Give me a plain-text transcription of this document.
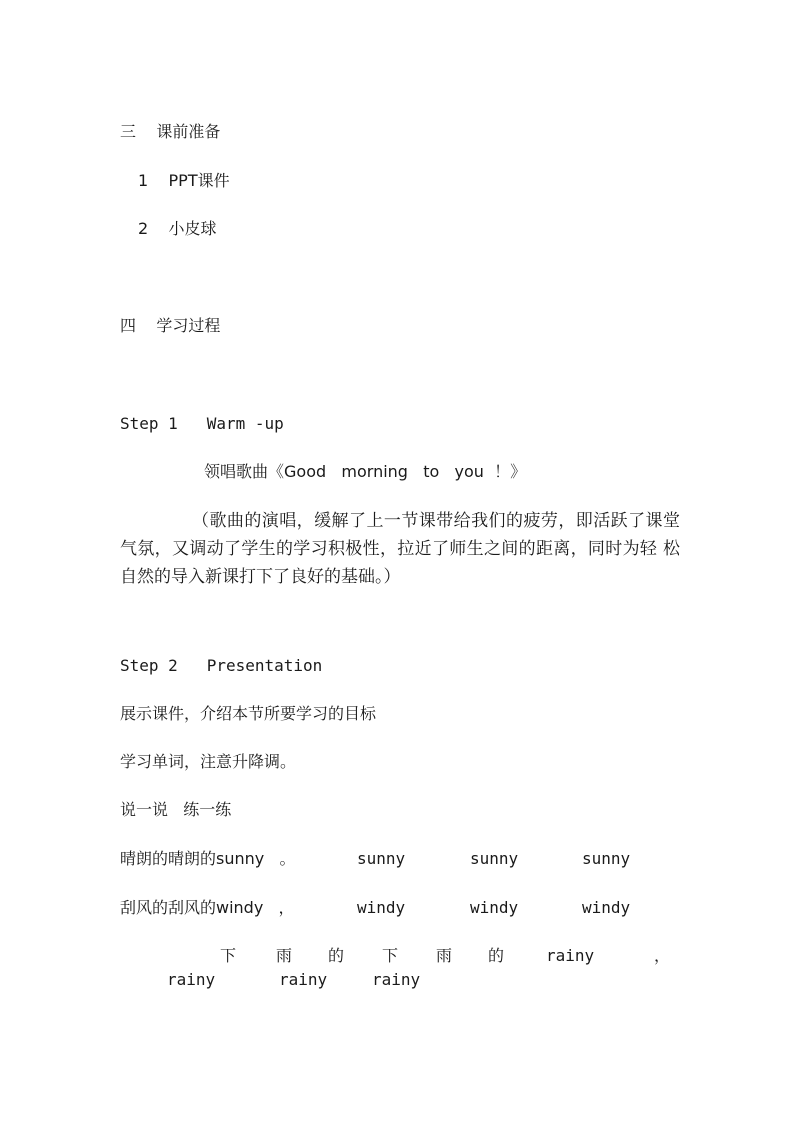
三    课前准备
1    PPT课件
2    小皮球
四    学习过程
Step 1   Warm -up
领唱歌曲《Good   morning   to   you  ！》
（歌曲的演唱，缓解了上一节课带给我们的疲劳，即活跃了课堂气氛，又调动了学生的学习积极性，拉近了师生之间的距离，同时为轻 松自然的导入新课打下了良好的基础。）
Step 2   Presentation
展示课件，介绍本节所要学习的目标
学习单词，注意升降调。
说一说   练一练
晴朗的晴朗的sunny   。	sunny	sunny	sunny
刮风的刮风的windy   ，	windy	windy	windy
下 雨 的 下 雨 的	rainy	，
rainy	rainy	rainy
